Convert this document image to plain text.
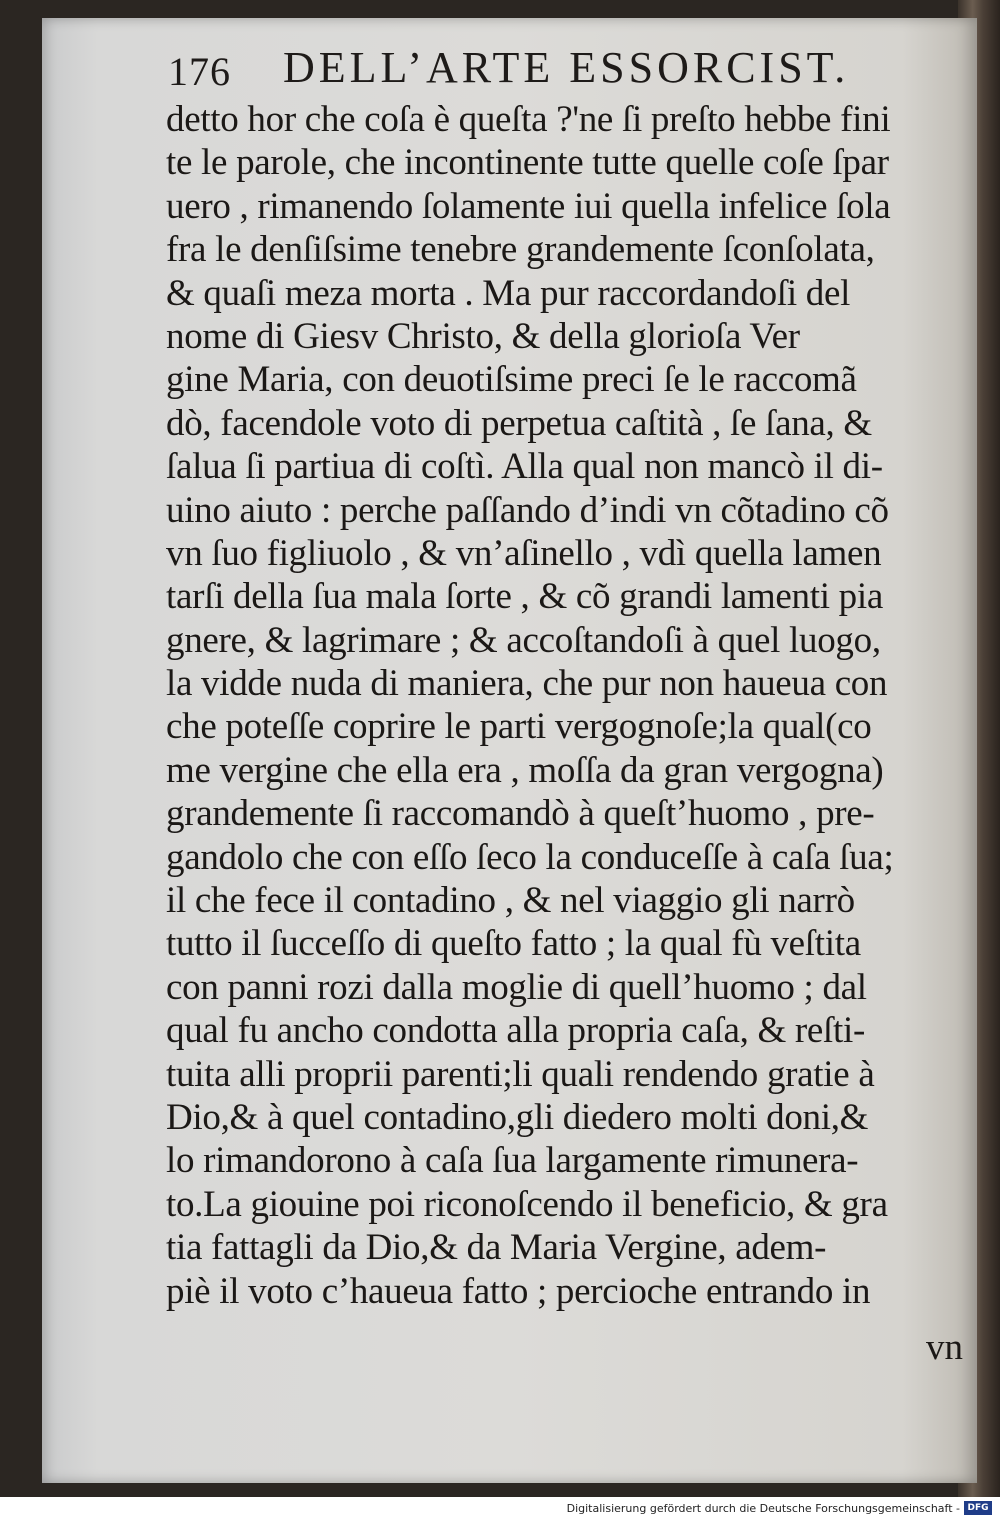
176 DELL’ARTE ESSORCIST.
detto hor che coſa è queſta ?'ne ſi preſto hebbe fini
te le parole, che incontinente tutte quelle coſe ſpar
uero , rimanendo ſolamente iui quella infelice ſola
fra le denſiſsime tenebre grandemente ſconſolata,
& quaſi meza morta . Ma pur raccordandoſi del
nome di Giesv Christo, & della glorioſa Ver
gine Maria, con deuotiſsime preci ſe le raccomã
dò, facendole voto di perpetua caſtità , ſe ſana, &
ſalua ſi partiua di coſtì. Alla qual non mancò il di-
uino aiuto : perche paſſando d’indi vn cõtadino cõ
vn ſuo figliuolo , & vn’aſinello , vdì quella lamen
tarſi della ſua mala ſorte , & cõ grandi lamenti pia
gnere, & lagrimare ; & accoſtandoſi à quel luogo,
la vidde nuda di maniera, che pur non haueua con
che poteſſe coprire le parti vergognoſe;la qual(co
me vergine che ella era , moſſa da gran vergogna)
grandemente ſi raccomandò à queſt’huomo , pre-
gandolo che con eſſo ſeco la conduceſſe à caſa ſua;
il che fece il contadino , & nel viaggio gli narrò
tutto il ſucceſſo di queſto fatto ; la qual fù veſtita
con panni rozi dalla moglie di quell’huomo ; dal
qual fu ancho condotta alla propria caſa, & reſti-
tuita alli proprii parenti;li quali rendendo gratie à
Dio,& à quel contadino,gli diedero molti doni,&
lo rimandorono à caſa ſua largamente rimunera-
to.La giouine poi riconoſcendo il beneficio, & gra
tia fattagli da Dio,& da Maria Vergine, adem-
piè il voto c’haueua fatto ; percioche entrando in
vn
Digitalisierung gefördert durch die Deutsche Forschungsgemeinschaft - DFG
